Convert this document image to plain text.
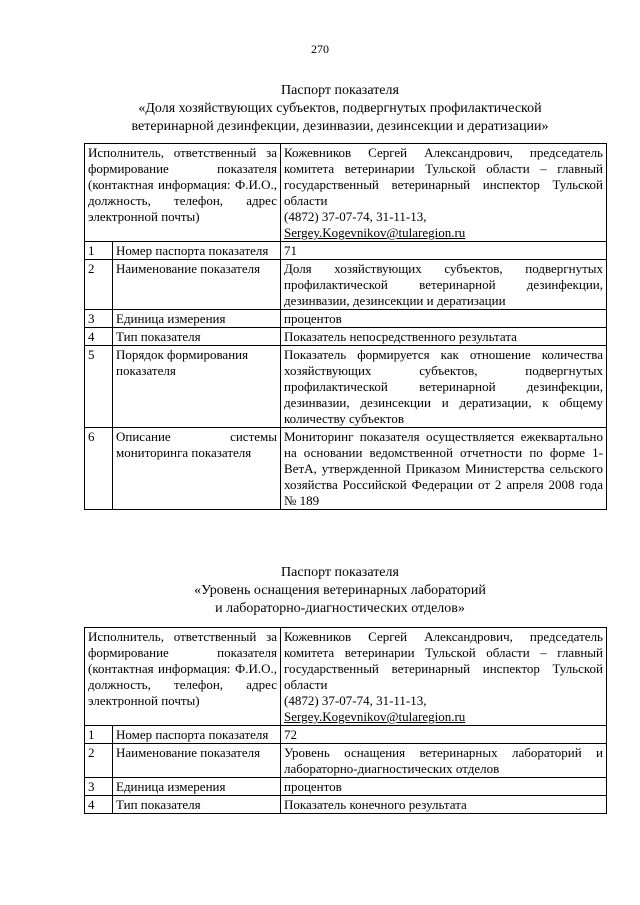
270
Паспорт показателя
«Доля хозяйствующих субъектов, подвергнутых профилактической
ветеринарной дезинфекции, дезинвазии, дезинсекции и дератизации»
Исполнитель, ответственный за формирование показателя (контактная информация: Ф.И.О., должность, телефон, адрес электронной почты)		Кожевников Сергей Александрович, председатель комитета ветеринарии Тульской области – главный государственный ветеринарный инспектор Тульской области
(4872) 37-07-74, 31-11-13,
Sergey.Kogevnikov@tularegion.ru
1	Номер паспорта показателя	71
2	Наименование показателя	Доля хозяйствующих субъектов, подвергнутых профилактической ветеринарной дезинфекции, дезинвазии, дезинсекции и дератизации
3	Единица измерения	процентов
4	Тип показателя	Показатель непосредственного результата
5	Порядок формирования показателя	Показатель формируется как отношение количества хозяйствующих субъектов, подвергнутых профилактической ветеринарной дезинфекции, дезинвазии, дезинсекции и дератизации, к общему количеству субъектов
6	Описание системы мониторинга показателя	Мониторинг показателя осуществляется ежеквартально на основании ведомственной отчетности по форме 1-ВетА, утвержденной Приказом Министерства сельского хозяйства Российской Федерации от 2 апреля 2008 года № 189
Паспорт показателя
«Уровень оснащения ветеринарных лабораторий
и лабораторно-диагностических отделов»
Исполнитель, ответственный за формирование показателя (контактная информация: Ф.И.О., должность, телефон, адрес электронной почты)		Кожевников Сергей Александрович, председатель комитета ветеринарии Тульской области – главный государственный ветеринарный инспектор Тульской области
(4872) 37-07-74, 31-11-13,
Sergey.Kogevnikov@tularegion.ru
1	Номер паспорта показателя	72
2	Наименование показателя	Уровень оснащения ветеринарных лабораторий и лабораторно-диагностических отделов
3	Единица измерения	процентов
4	Тип показателя	Показатель конечного результата
